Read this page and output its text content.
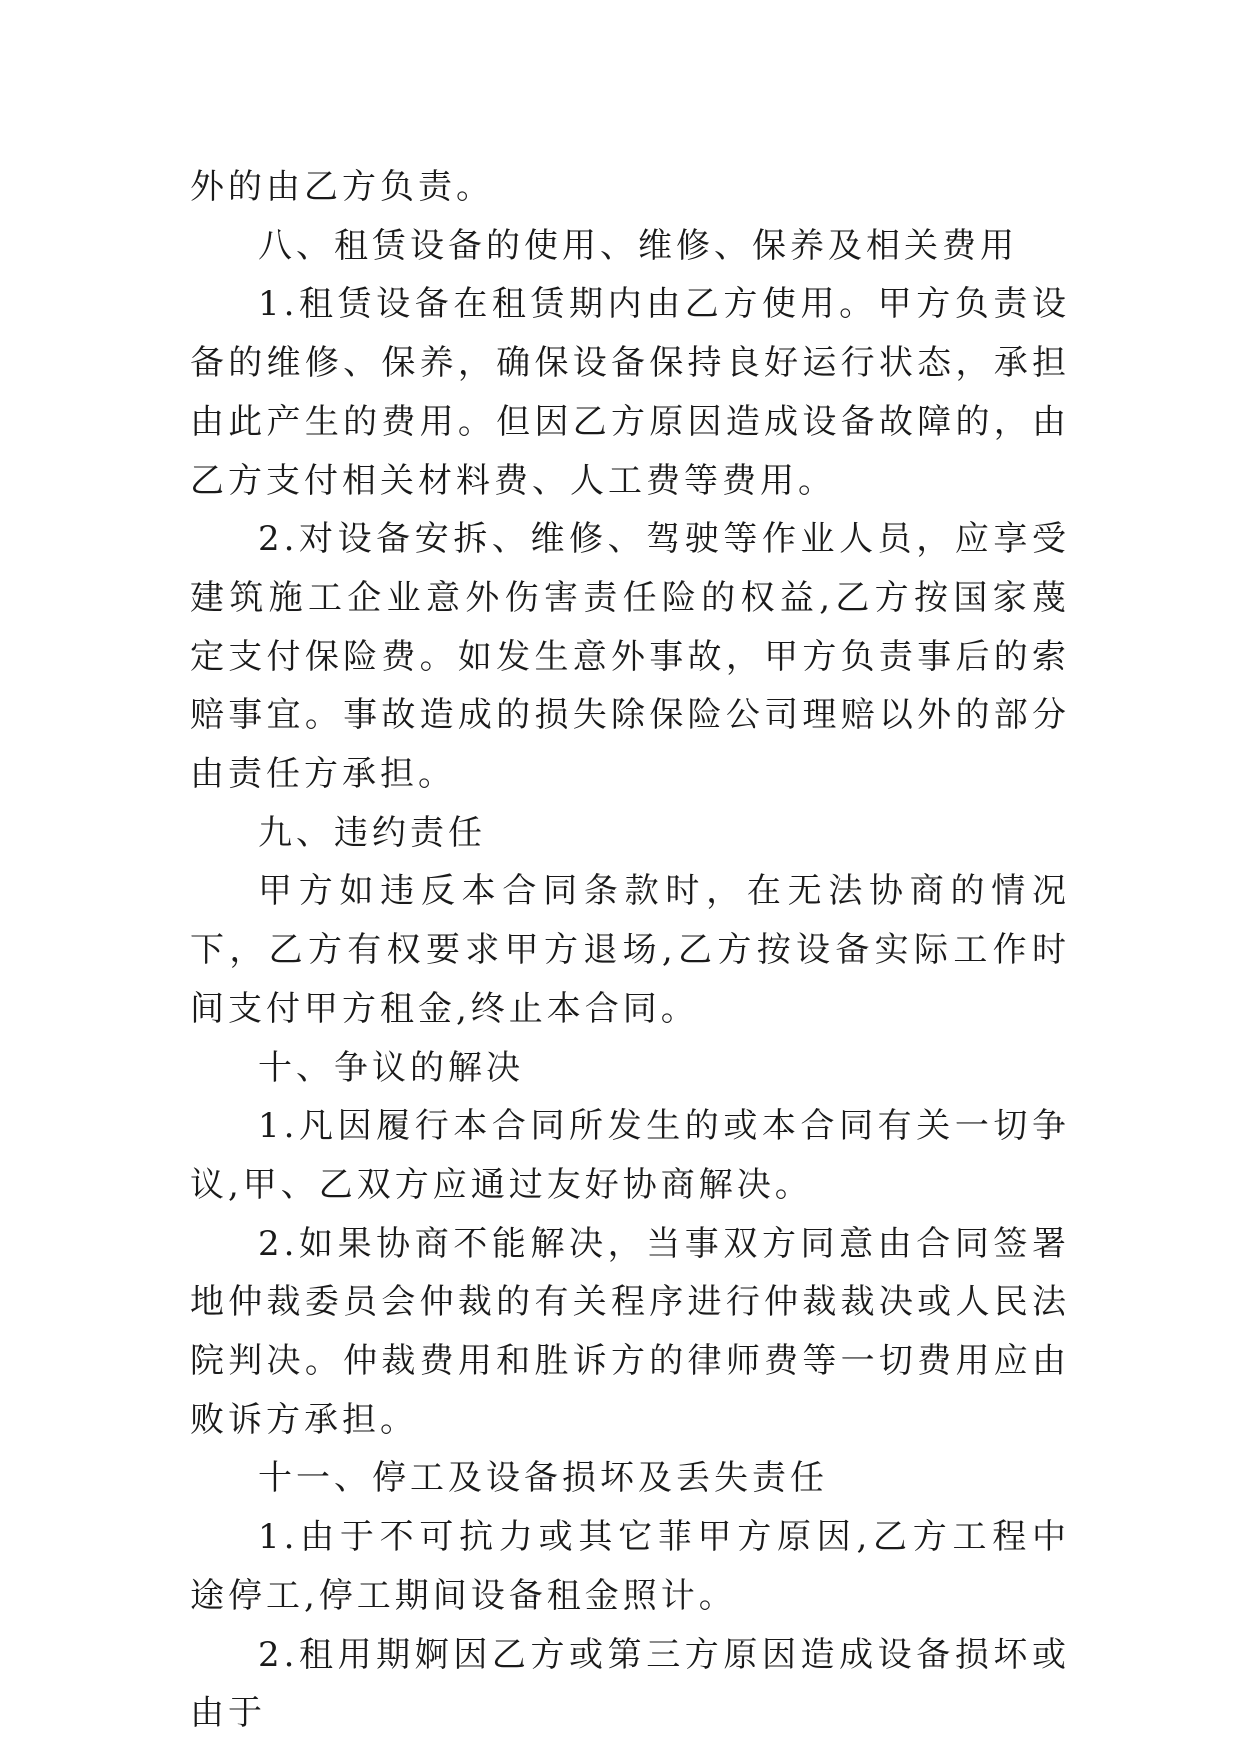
外的由乙方负责。

八、租赁设备的使用、维修、保养及相关费用

1.租赁设备在租赁期内由乙方使用。甲方负责设备的维修、保养，确保设备保持良好运行状态，承担由此产生的费用。但因乙方原因造成设备故障的，由乙方支付相关材料费、人工费等费用。

2.对设备安拆、维修、驾驶等作业人员，应享受建筑施工企业意外伤害责任险的权益,乙方按国家蔑定支付保险费。如发生意外事故，甲方负责事后的索赔事宜。事故造成的损失除保险公司理赔以外的部分由责任方承担。

九、违约责任

甲方如违反本合同条款时，在无法协商的情况下，乙方有权要求甲方退场,乙方按设备实际工作时间支付甲方租金,终止本合同。

十、争议的解决

1.凡因履行本合同所发生的或本合同有关一切争议,甲、乙双方应通过友好协商解决。

2.如果协商不能解决，当事双方同意由合同签署地仲裁委员会仲裁的有关程序进行仲裁裁决或人民法院判决。仲裁费用和胜诉方的律师费等一切费用应由败诉方承担。

十一、停工及设备损坏及丢失责任

1.由于不可抗力或其它菲甲方原因,乙方工程中途停工,停工期间设备租金照计。

2.租用期婀因乙方或第三方原因造成设备损坏或由于
